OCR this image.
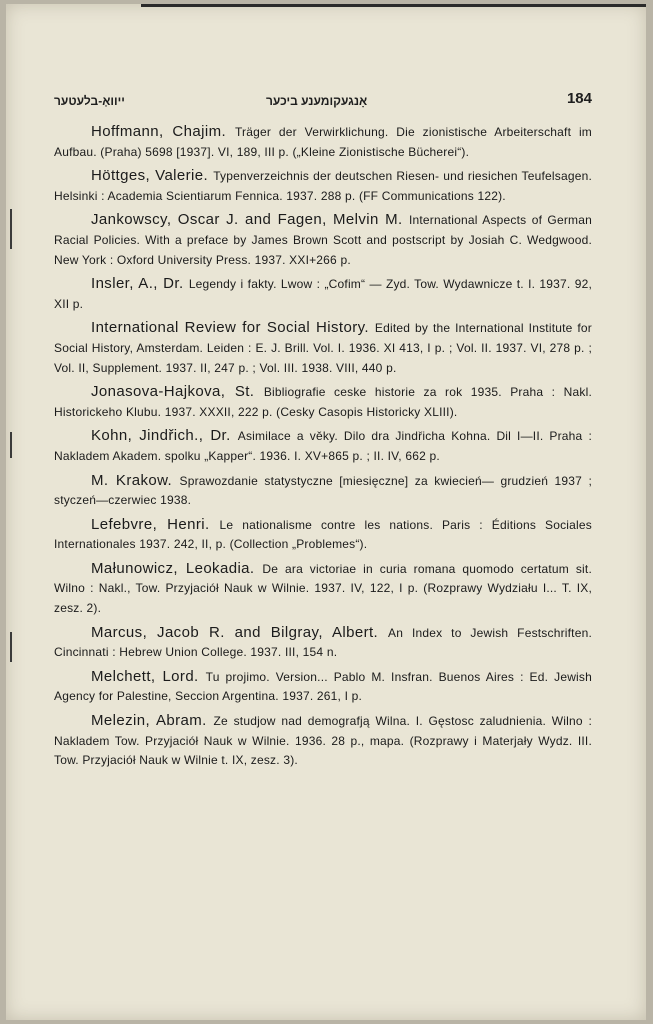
ייוואָ-בלעטער	אָנגעקומענע ביכער	184
Hoffmann, Chajim. Träger der Verwirklichung. Die zionistische Arbeiterschaft im Aufbau. (Praha) 5698 [1937]. VI, 189, III p. („Kleine Zionistische Bücherei“).
Höttges, Valerie. Typenverzeichnis der deutschen Riesen- und riesichen Teufelsagen. Helsinki : Academia Scientiarum Fennica. 1937. 288 p. (FF Communications 122).
Jankowscy, Oscar J. and Fagen, Melvin M. International Aspects of German Racial Policies. With a preface by James Brown Scott and postscript by Josiah C. Wedgwood. New York : Oxford University Press. 1937. XXI+266 p.
Insler, A., Dr. Legendy i fakty. Lwow : „Cofim“ — Zyd. Tow. Wydawnicze t. I. 1937. 92, XII p.
International Review for Social History. Edited by the International Institute for Social History, Amsterdam. Leiden : E. J. Brill. Vol. I. 1936. XI 413, I p. ; Vol. II. 1937. VI, 278 p. ; Vol. II, Supplement. 1937. II, 247 p. ; Vol. III. 1938. VIII, 440 p.
Jonasova-Hajkova, St. Bibliografie ceske historie za rok 1935. Praha : Nakl. Historickeho Klubu. 1937. XXXII, 222 p. (Cesky Casopis Historicky XLIII).
Kohn, Jindřich., Dr. Asimilace a věky. Dilo dra Jindřicha Kohna. Dil I—II. Praha : Nakladem Akadem. spolku „Kapper“. 1936. I. XV+865 p. ; II. IV, 662 p.
M. Krakow. Sprawozdanie statystyczne [miesięczne] za kwiecień— grudzień 1937 ; styczeń—czerwiec 1938.
Lefebvre, Henri. Le nationalisme contre les nations. Paris : Éditions Sociales Internationales 1937. 242, II, p. (Collection „Problemes“).
Małunowicz, Leokadia. De ara victoriae in curia romana quomodo certatum sit. Wilno : Nakl., Tow. Przyjaciół Nauk w Wilnie. 1937. IV, 122, I p. (Rozprawy Wydziału I... T. IX, zesz. 2).
Marcus, Jacob R. and Bilgray, Albert. An Index to Jewish Festschriften. Cincinnati : Hebrew Union College. 1937. III, 154 n.
Melchett, Lord. Tu projimo. Version... Pablo M. Insfran. Buenos Aires : Ed. Jewish Agency for Palestine, Seccion Argentina. 1937. 261, I p.
Melezin, Abram. Ze studjow nad demografją Wilna. I. Gęstosc zaludnienia. Wilno : Nakladem Tow. Przyjaciół Nauk w Wilnie. 1936. 28 p., mapa. (Rozprawy i Materjały Wydz. III. Tow. Przyjaciół Nauk w Wilnie t. IX, zesz. 3).
